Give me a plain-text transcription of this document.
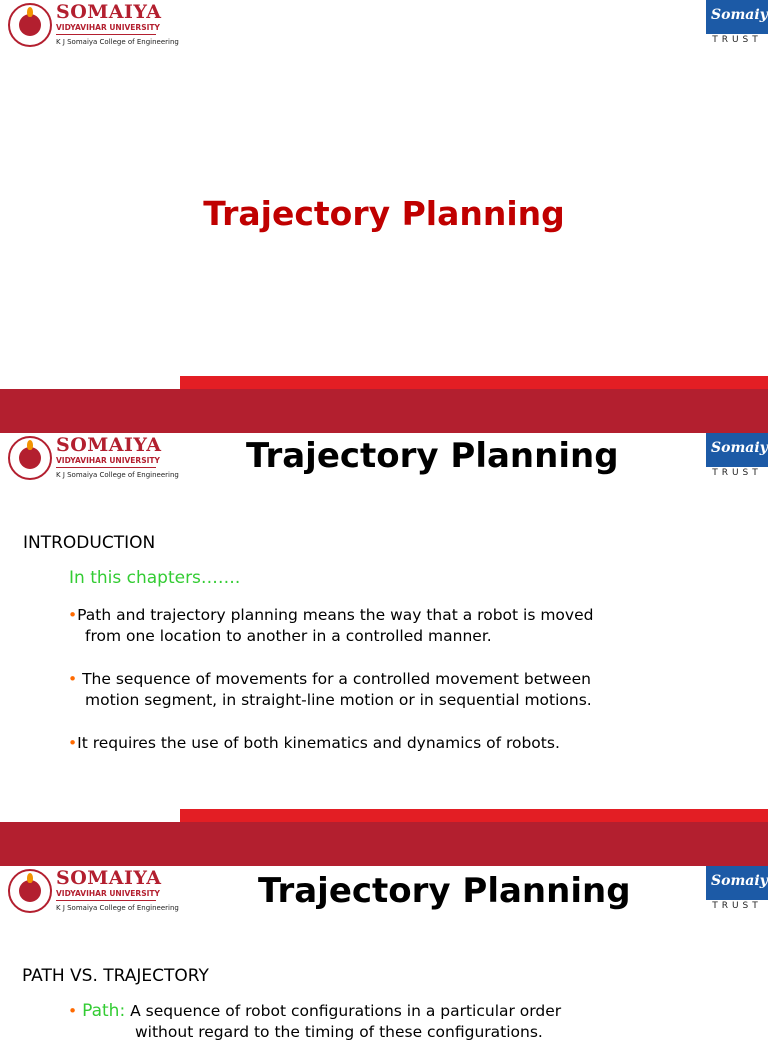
SOMAIYA
VIDYAVIHAR UNIVERSITY
K J Somaiya College of Engineering
Somaiya
TRUST
Trajectory Planning
SOMAIYA
VIDYAVIHAR UNIVERSITY
K J Somaiya College of Engineering Trajectory Planning	Somaiya
TRUST
INTRODUCTION
In this chapters…….
•Path and trajectory planning means the way that a robot is moved
from one location to another in a controlled manner.
• The sequence of movements for a controlled movement between
motion segment, in straight-line motion or in sequential motions.
•It requires the use of both kinematics and dynamics of robots.
SOMAIYA
VIDYAVIHAR UNIVERSITY
K J Somaiya College of Engineering Trajectory Planning	Somaiya
TRUST
PATH VS. TRAJECTORY
• Path: A sequence of robot configurations in a particular order
without regard to the timing of these configurations.
